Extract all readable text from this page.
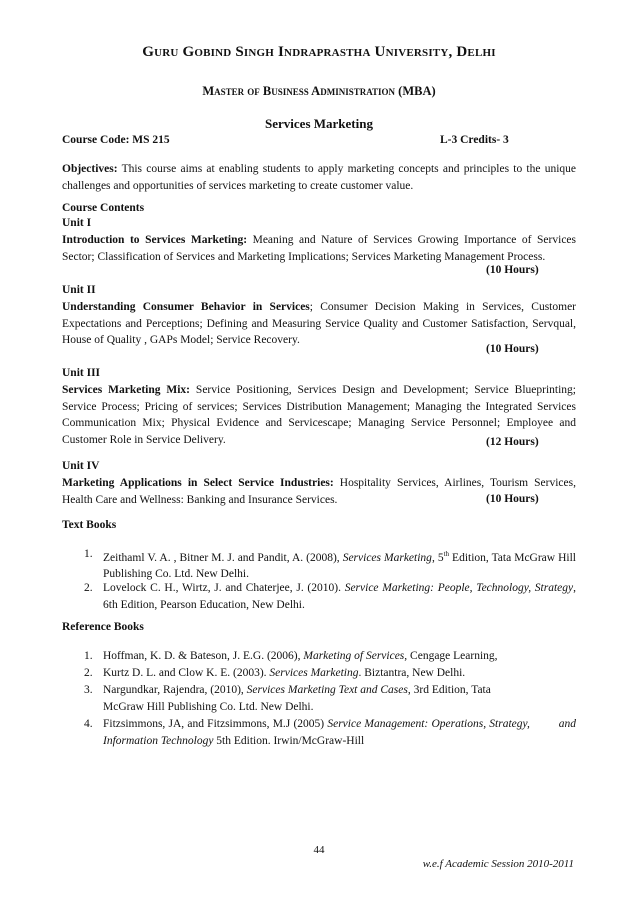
Guru Gobind Singh Indraprastha University, Delhi
Master of Business Administration (MBA)
Services Marketing
Course Code: MS 215	L-3 Credits- 3
Objectives: This course aims at enabling students to apply marketing concepts and principles to the unique challenges and opportunities of services marketing to create customer value.
Course Contents
Unit I
Introduction to Services Marketing: Meaning and Nature of Services Growing Importance of Services Sector; Classification of Services and Marketing Implications; Services Marketing Management Process.
(10 Hours)
Unit II
Understanding Consumer Behavior in Services; Consumer Decision Making in Services, Customer Expectations and Perceptions; Defining and Measuring Service Quality and Customer Satisfaction, Servqual, House of Quality , GAPs Model; Service Recovery.
(10 Hours)
Unit III
Services Marketing Mix: Service Positioning, Services Design and Development; Service Blueprinting; Service Process; Pricing of services; Services Distribution Management; Managing the Integrated Services Communication Mix; Physical Evidence and Servicescape; Managing Service Personnel; Employee and Customer Role in Service Delivery.	(12 Hours)
Unit IV
Marketing Applications in Select Service Industries: Hospitality Services, Airlines, Tourism Services, Health Care and Wellness: Banking and Insurance Services.	(10 Hours)
Text Books
1. Zeithaml V. A. , Bitner M. J. and Pandit, A. (2008), Services Marketing, 5th Edition, Tata McGraw Hill Publishing Co. Ltd. New Delhi.
2. Lovelock C. H., Wirtz, J. and Chaterjee, J. (2010). Service Marketing: People, Technology, Strategy, 6th Edition, Pearson Education, New Delhi.
Reference Books
1. Hoffman, K. D. & Bateson, J. E.G. (2006), Marketing of Services, Cengage Learning,
2. Kurtz D. L. and Clow K. E. (2003). Services Marketing. Biztantra, New Delhi.
3. Nargundkar, Rajendra, (2010), Services Marketing Text and Cases, 3rd Edition, Tata McGraw Hill Publishing Co. Ltd. New Delhi.
4. Fitzsimmons, JA, and Fitzsimmons, M.J (2005) Service Management: Operations, Strategy,         and Information Technology 5th Edition. Irwin/McGraw-Hill
44
w.e.f Academic Session 2010-2011
